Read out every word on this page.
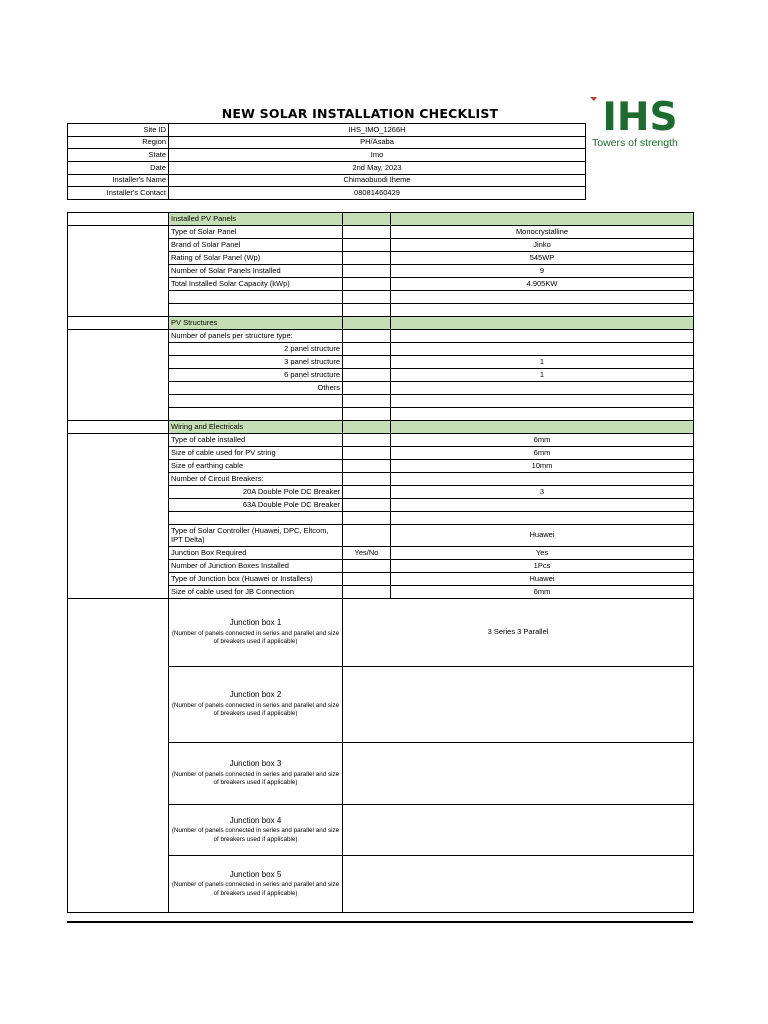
NEW SOLAR INSTALLATION CHECKLIST	IHS
Towers of strength
Site ID	IHS_IMO_1266H
Region	PH/Asaba
State	Imo
Date	2nd May, 2023
Installer's Name	Chimaobuodi Iheme
Installer's Contact	08081460429
	Installed PV Panels		
	Type of Solar Panel		Monocrystalline
	Brand of Solar Panel		Jinko
	Rating of Solar Panel (Wp)		545WP
	Number of Solar Panels Installed		9
	Total Installed Solar Capacity (kWp)		4.905KW

	PV Structures		
	Number of panels per structure type:		
	2 panel structure		
	3 panel structure		1
	6 panel structure		1
	Others		

	Wiring and Electricals		
	Type of cable installed		6mm
	Size of cable used for PV string		6mm
	Size of earthing cable		10mm
	Number of Circuit Breakers:		
	20A Double Pole DC Breaker		3
	63A Double Pole DC Breaker		

	Type of Solar Controller (Huawei, DPC, Eltcom, IPT Delta)		Huawei
	Junction Box Required	Yes/No	Yes
	Number of Junction Boxes Installed		1Pcs
	Type of Junction box (Huawei or Installers)		Huawei
	Size of cable used for JB Connection		6mm

	Junction box 1
(Number of panels connected in series and parallel and size of breakers used if applicable)	3 Series 3 Parallel	

	Junction box 2
(Number of panels connected in series and parallel and size of breakers used if applicable)		

	Junction box 3
(Number of panels connected in series and parallel and size of breakers used if applicable)		

	Junction box 4
(Number of panels connected in series and parallel and size of breakers used if applicable)		

	Junction box 5
(Number of panels connected in series and parallel and size of breakers used if applicable)		
